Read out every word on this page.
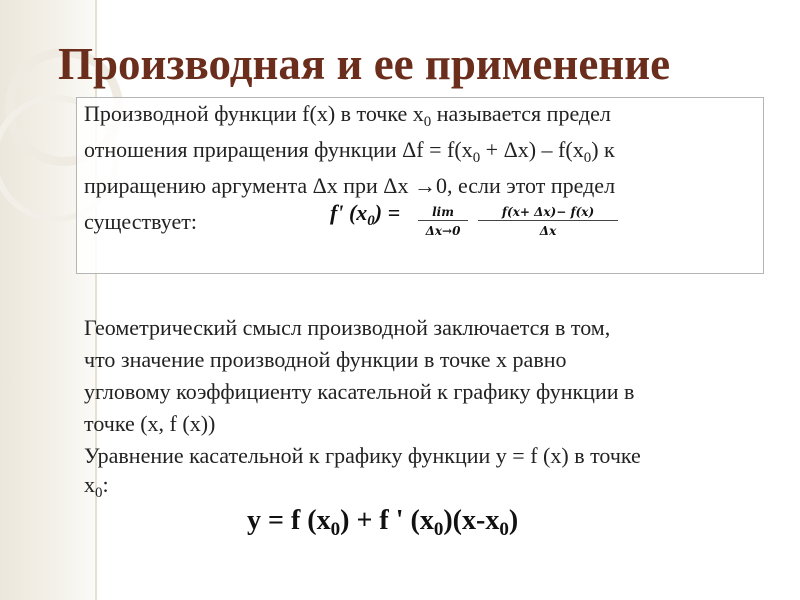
Производная и ее применение
Производной функции f(x) в точке $x_0$ называется предел
отношения приращения функции $\Delta f = f(x_0 + \Delta x) - f(x_0)$ к
приращению аргумента Δx при Δx →0, если этот предел
существует:	f' $(x_0) = \frac{\lim}{\Delta x\to 0} \frac{f(x+ \Delta x)- f(x)}{\Delta x}$
Геометрический смысл производной заключается в том,
что значение производной функции в точке x равно
угловому коэффициенту касательной к графику функции в
точке (x, f (x))
Уравнение касательной к графику функции y = f (x) в точке
$x_0$:
y = f $(x_0) + f$ ' $(x_0)(x-x_0)$
